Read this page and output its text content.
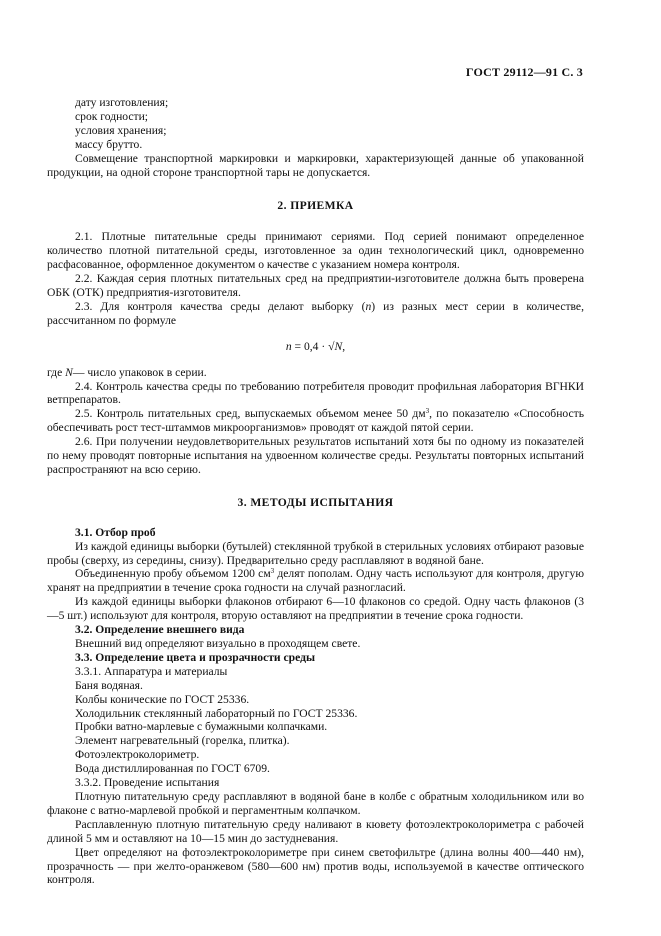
ГОСТ 29112—91 С. 3

дату изготовления;

срок годности;

условия хранения;

массу брутто.

Совмещение транспортной маркировки и маркировки, характеризующей данные об упакованной продукции, на одной стороне транспортной тары не допускается.

2. ПРИЕМКА

2.1. Плотные питательные среды принимают сериями. Под серией понимают определенное количество плотной питательной среды, изготовленное за один технологический цикл, одновременно расфасованное, оформленное документом о качестве с указанием номера контроля.

2.2. Каждая серия плотных питательных сред на предприятии-изготовителе должна быть проверена ОБК (ОТК) предприятия-изготовителя.

2.3. Для контроля качества среды делают выборку (n) из разных мест серии в количестве, рассчитанном по формуле

n = 0,4 · √N,

где N— число упаковок в серии.

2.4. Контроль качества среды по требованию потребителя проводит профильная лаборатория ВГНКИ ветпрепаратов.

2.5. Контроль питательных сред, выпускаемых объемом менее 50 $дм^3$, по показателю «Способность обеспечивать рост тест-штаммов микроорганизмов» проводят от каждой пятой серии.

2.6. При получении неудовлетворительных результатов испытаний хотя бы по одному из показателей по нему проводят повторные испытания на удвоенном количестве среды. Результаты повторных испытаний распространяют на всю серию.

3. МЕТОДЫ ИСПЫТАНИЯ

3.1. Отбор проб

Из каждой единицы выборки (бутылей) стеклянной трубкой в стерильных условиях отбирают разовые пробы (сверху, из середины, снизу). Предварительно среду расплавляют в водяной бане.

Объединенную пробу объемом 1200 $см^3$ делят пополам. Одну часть используют для контроля, другую хранят на предприятии в течение срока годности на случай разногласий.

Из каждой единицы выборки флаконов отбирают 6—10 флаконов со средой. Одну часть флаконов (3—5 шт.) используют для контроля, вторую оставляют на предприятии в течение срока годности.

3.2. Определение внешнего вида

Внешний вид определяют визуально в проходящем свете.

3.3. Определение цвета и прозрачности среды

3.3.1. Аппаратура и материалы

Баня водяная.

Колбы конические по ГОСТ 25336.

Холодильник стеклянный лабораторный по ГОСТ 25336.

Пробки ватно-марлевые с бумажными колпачками.

Элемент нагревательный (горелка, плитка).

Фотоэлектроколориметр.

Вода дистиллированная по ГОСТ 6709.

3.3.2. Проведение испытания

Плотную питательную среду расплавляют в водяной бане в колбе с обратным холодильником или во флаконе с ватно-марлевой пробкой и пергаментным колпачком.

Расплавленную плотную питательную среду наливают в кювету фотоэлектроколориметра с рабочей длиной 5 мм и оставляют на 10—15 мин до застудневания.

Цвет определяют на фотоэлектроколориметре при синем светофильтре (длина волны 400—440 нм), прозрачность — при желто-оранжевом (580—600 нм) против воды, используемой в качестве оптического контроля.
